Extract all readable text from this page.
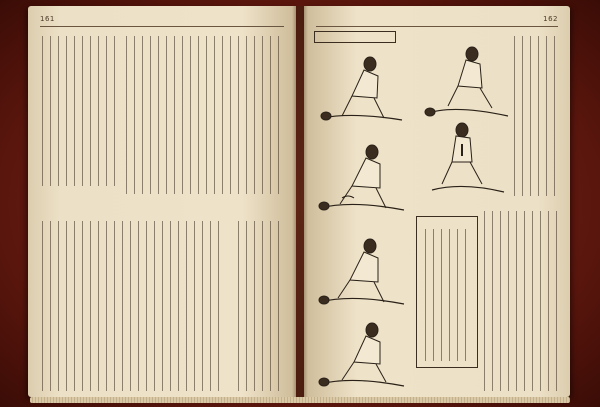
161	162
